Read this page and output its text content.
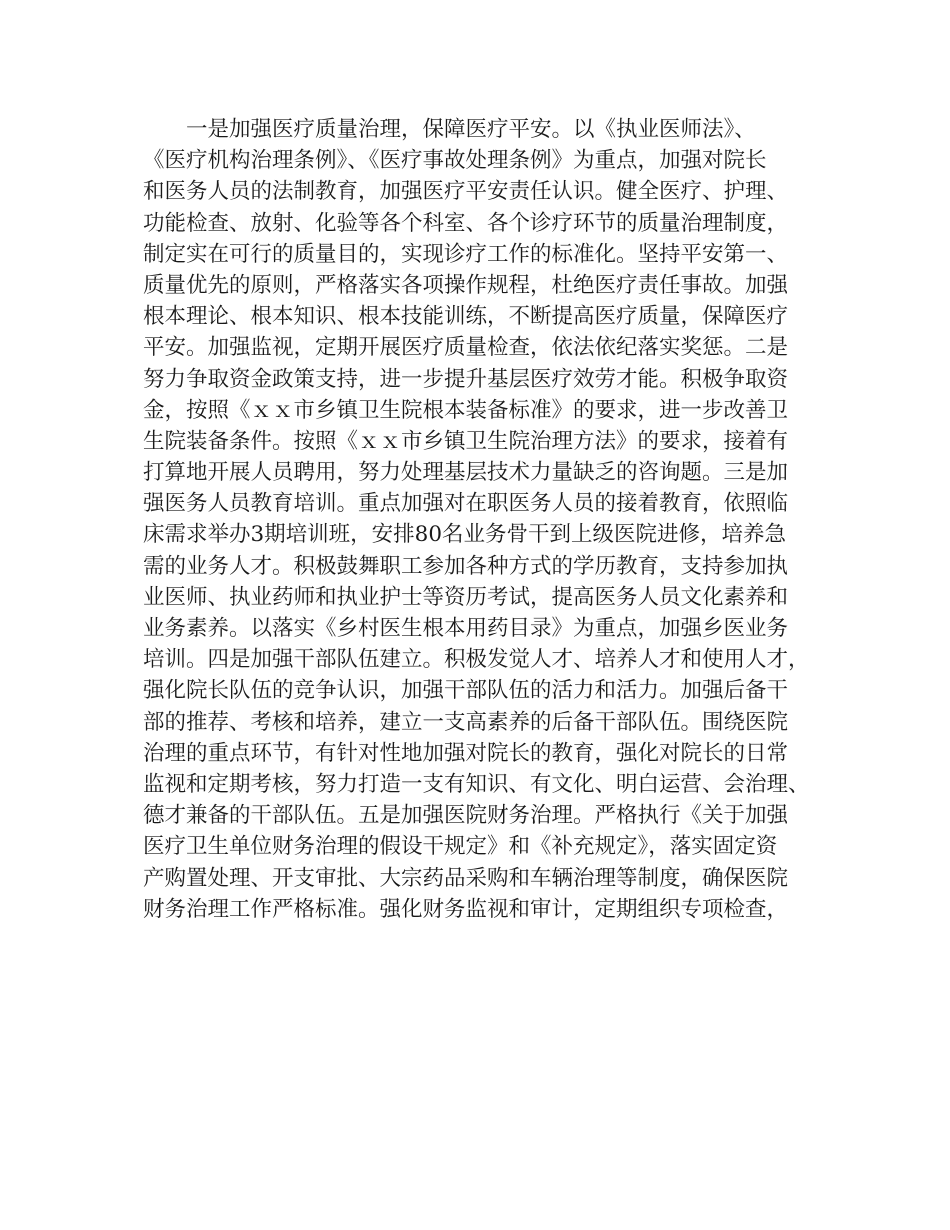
一是加强医疗质量治理，保障医疗平安。以《执业医师法》、
《医疗机构治理条例》、《医疗事故处理条例》为重点，加强对院长
和医务人员的法制教育，加强医疗平安责任认识。健全医疗、护理、
功能检查、放射、化验等各个科室、各个诊疗环节的质量治理制度，
制定实在可行的质量目的，实现诊疗工作的标准化。坚持平安第一、
质量优先的原则，严格落实各项操作规程，杜绝医疗责任事故。加强
根本理论、根本知识、根本技能训练，不断提高医疗质量，保障医疗
平安。加强监视，定期开展医疗质量检查，依法依纪落实奖惩。二是
努力争取资金政策支持，进一步提升基层医疗效劳才能。积极争取资
金，按照《ｘｘ市乡镇卫生院根本装备标准》的要求，进一步改善卫
生院装备条件。按照《ｘｘ市乡镇卫生院治理方法》的要求，接着有
打算地开展人员聘用，努力处理基层技术力量缺乏的咨询题。三是加
强医务人员教育培训。重点加强对在职医务人员的接着教育，依照临
床需求举办3期培训班，安排80名业务骨干到上级医院进修，培养急
需的业务人才。积极鼓舞职工参加各种方式的学历教育，支持参加执
业医师、执业药师和执业护士等资历考试，提高医务人员文化素养和
业务素养。以落实《乡村医生根本用药目录》为重点，加强乡医业务
培训。四是加强干部队伍建立。积极发觉人才、培养人才和使用人才，
强化院长队伍的竞争认识，加强干部队伍的活力和活力。加强后备干
部的推荐、考核和培养，建立一支高素养的后备干部队伍。围绕医院
治理的重点环节，有针对性地加强对院长的教育，强化对院长的日常
监视和定期考核，努力打造一支有知识、有文化、明白运营、会治理、
德才兼备的干部队伍。五是加强医院财务治理。严格执行《关于加强
医疗卫生单位财务治理的假设干规定》和《补充规定》，落实固定资
产购置处理、开支审批、大宗药品采购和车辆治理等制度，确保医院
财务治理工作严格标准。强化财务监视和审计，定期组织专项检查，
